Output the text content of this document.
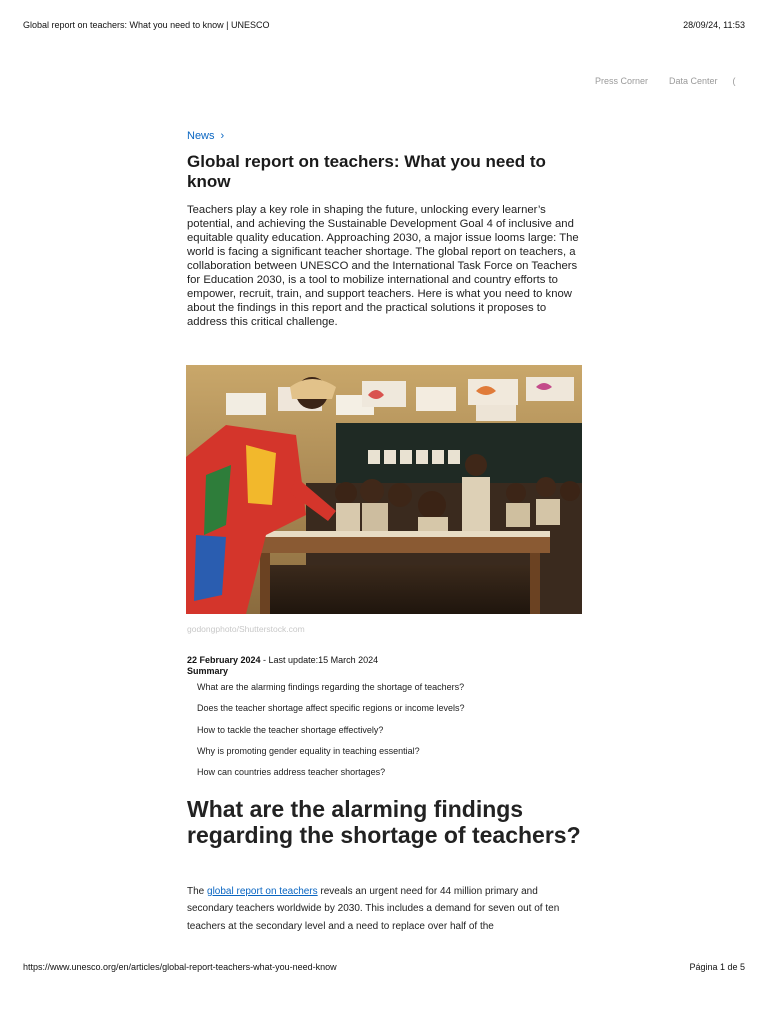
Global report on teachers: What you need to know | UNESCO	28/09/24, 11:53
Press Corner Data Center (
News ›
Global report on teachers: What you need to know

Teachers play a key role in shaping the future, unlocking every learner’s potential, and achieving the Sustainable Development Goal 4 of inclusive and equitable quality education. Approaching 2030, a major issue looms large: The world is facing a significant teacher shortage. The global report on teachers, a collaboration between UNESCO and the International Task Force on Teachers for Education 2030, is a tool to mobilize international and country efforts to empower, recruit, train, and support teachers. Here is what you need to know about the findings in this report and the practical solutions it proposes to address this critical challenge.

godongphoto/Shutterstock.com
22 February 2024 - Last update:15 March 2024
Summary
What are the alarming findings regarding the shortage of teachers?
Does the teacher shortage affect specific regions or income levels?
How to tackle the teacher shortage effectively?
Why is promoting gender equality in teaching essential?
How can countries address teacher shortages?
What are the alarming findings regarding the shortage of teachers?

The global report on teachers reveals an urgent need for 44 million primary and secondary teachers worldwide by 2030. This includes a demand for seven out of ten teachers at the secondary level and a need to replace over half of the

https://www.unesco.org/en/articles/global-report-teachers-what-you-need-know	Página 1 de 5
